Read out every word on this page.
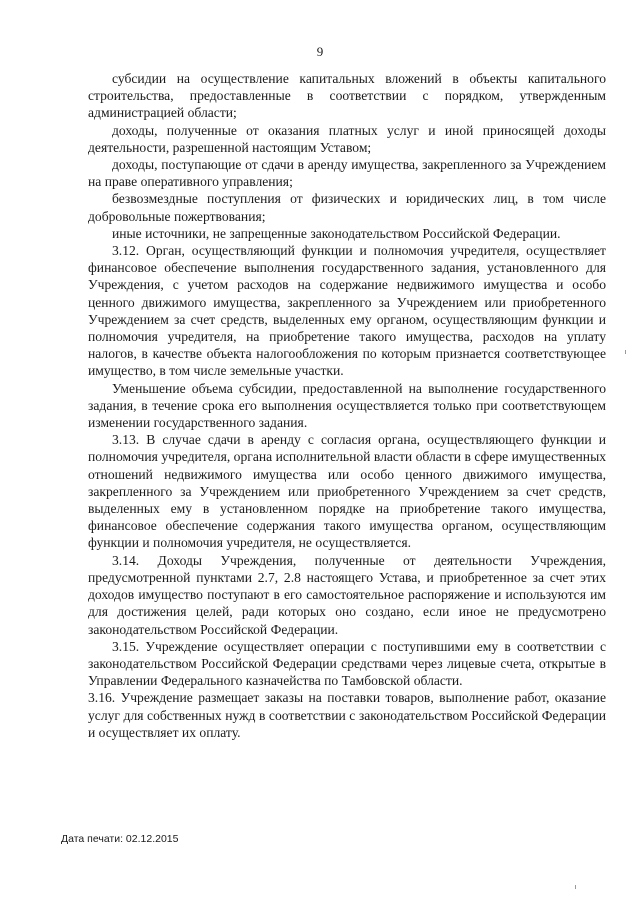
9

субсидии на осуществление капитальных вложений в объекты капитального строительства, предоставленные в соответствии с порядком, утвержденным администрацией области;

доходы, полученные от оказания платных услуг и иной приносящей доходы деятельности, разрешенной настоящим Уставом;

доходы, поступающие от сдачи в аренду имущества, закрепленного за Учреждением на праве оперативного управления;

безвозмездные поступления от физических и юридических лиц, в том числе добровольные пожертвования;

иные источники, не запрещенные законодательством Российской Федерации.

3.12. Орган, осуществляющий функции и полномочия учредителя, осуществляет финансовое обеспечение выполнения государственного задания, установленного для Учреждения, с учетом расходов на содержание недвижимого имущества и особо ценного движимого имущества, закрепленного за Учреждением или приобретенного Учреждением за счет средств, выделенных ему органом, осуществляющим функции и полномочия учредителя, на приобретение такого имущества, расходов на уплату налогов, в качестве объекта налогообложения по которым признается соответствующее имущество, в том числе земельные участки.

Уменьшение объема субсидии, предоставленной на выполнение государственного задания, в течение срока его выполнения осуществляется только при соответствующем изменении государственного задания.

3.13. В случае сдачи в аренду с согласия органа, осуществляющего функции и полномочия учредителя, органа исполнительной власти области в сфере имущественных отношений недвижимого имущества или особо ценного движимого имущества, закрепленного за Учреждением или приобретенного Учреждением за счет средств, выделенных ему в установленном порядке на приобретение такого имущества, финансовое обеспечение содержания такого имущества органом, осуществляющим функции и полномочия учредителя, не осуществляется.

3.14. Доходы Учреждения, полученные от деятельности Учреждения, предусмотренной пунктами 2.7, 2.8 настоящего Устава, и приобретенное за счет этих доходов имущество поступают в его самостоятельное распоряжение и используются им для достижения целей, ради которых оно создано, если иное не предусмотрено законодательством Российской Федерации.

3.15. Учреждение осуществляет операции с поступившими ему в соответствии с законодательством Российской Федерации средствами через лицевые счета, открытые в Управлении Федерального казначейства по Тамбовской области.

3.16. Учреждение размещает заказы на поставки товаров, выполнение работ, оказание услуг для собственных нужд в соответствии с законодательством Российской Федерации и осуществляет их оплату.

Дата печати: 02.12.2015
